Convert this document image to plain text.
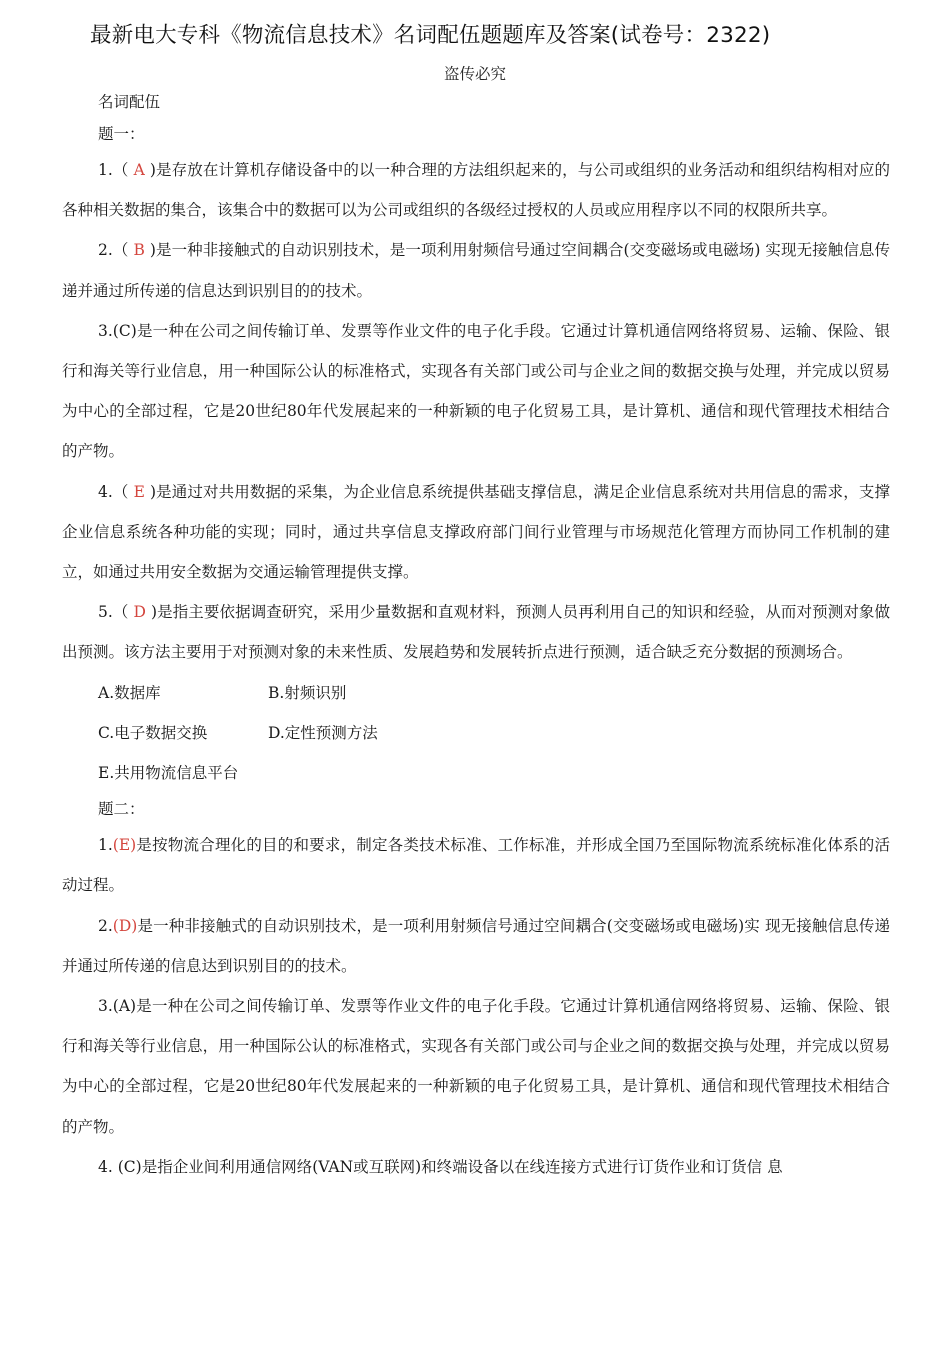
最新电大专科《物流信息技术》名词配伍题题库及答案(试卷号：2322)
盗传必究

名词配伍

题一：

1.（ A )是存放在计算机存储设备中的以一种合理的方法组织起来的，与公司或组织的业务活动和组织结构相对应的各种相关数据的集合，该集合中的数据可以为公司或组织的各级经过授权的人员或应用程序以不同的权限所共享。

2.（ B )是一种非接触式的自动识别技术，是一项利用射频信号通过空间耦合(交变磁场或电磁场) 实现无接触信息传递并通过所传递的信息达到识别目的的技术。

3.(C)是一种在公司之间传输订单、发票等作业文件的电子化手段。它通过计算机通信网络将贸易、运输、保险、银行和海关等行业信息，用一种国际公认的标准格式，实现各有关部门或公司与企业之间的数据交换与处理，并完成以贸易为中心的全部过程，它是20世纪80年代发展起来的一种新颖的电子化贸易工具，是计算机、通信和现代管理技术相结合的产物。

4.（ E )是通过对共用数据的采集，为企业信息系统提供基础支撑信息，满足企业信息系统对共用信息的需求，支撑企业信息系统各种功能的实现；同时，通过共享信息支撑政府部门间行业管理与市场规范化管理方而协同工作机制的建立，如通过共用安全数据为交通运输管理提供支撑。

5.（ D )是指主要依据调查研究，采用少量数据和直观材料，预测人员再利用自己的知识和经验，从而对预测对象做出预测。该方法主要用于对预测对象的未来性质、发展趋势和发展转折点进行预测，适合缺乏充分数据的预测场合。

A.数据库	B.射频识别
C.电子数据交换	D.定性预测方法
E.共用物流信息平台

题二：

1.(E)是按物流合理化的目的和要求，制定各类技术标准、工作标准，并形成全国乃至国际物流系统标准化体系的活动过程。

2.(D)是一种非接触式的自动识别技术，是一项利用射频信号通过空间耦合(交变磁场或电磁场)实 现无接触信息传递并通过所传递的信息达到识别目的的技术。

3.(A)是一种在公司之间传输订单、发票等作业文件的电子化手段。它通过计算机通信网络将贸易、运输、保险、银行和海关等行业信息，用一种国际公认的标准格式，实现各有关部门或公司与企业之间的数据交换与处理，并完成以贸易为中心的全部过程，它是20世纪80年代发展起来的一种新颖的电子化贸易工具，是计算机、通信和现代管理技术相结合的产物。

4. (C)是指企业间利用通信网络(VAN或互联网)和终端设备以在线连接方式进行订货作业和订货信 息
